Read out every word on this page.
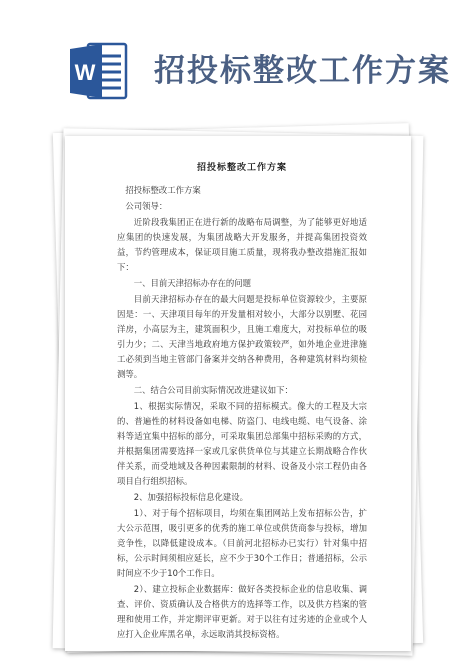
W 招投标整改工作方案
招投标整改工作方案

招投标整改工作方案

公司领导：

近阶段我集团正在进行新的战略布局调整，为了能够更好地适应集团的快速发展，为集团战略大开发服务，并提高集团投资效益，节约管理成本，保证项目施工质量，现将我办整改措施汇报如下：

一、目前天津招标办存在的问题

目前天津招标办存在的最大问题是投标单位资源较少，主要原因是：一、天津项目每年的开发量相对较小，大部分以别墅、花园洋房，小高层为主，建筑面积少，且施工难度大，对投标单位的吸引力少；二、天津当地政府地方保护政策较严，如外地企业进津施工必须到当地主管部门备案并交纳各种费用，各种建筑材料均须检测等。

二、结合公司目前实际情况改进建议如下：

1、根据实际情况，采取不同的招标模式。像大的工程及大宗的、普遍性的材料设备如电梯、防盗门、电线电缆、电气设备、涂料等适宜集中招标的部分，可采取集团总部集中招标采购的方式，并根据集团需要选择一家或几家供货单位与其建立长期战略合作伙伴关系，而受地域及各种因素限制的材料、设备及小宗工程仍由各项目自行组织招标。

2、加强招标投标信息化建设。

1）、对于每个招标项目，均须在集团网站上发布招标公告，扩大公示范围，吸引更多的优秀的施工单位或供货商参与投标，增加竞争性，以降低建设成本。（目前河北招标办已实行）针对集中招标，公示时间须相应延长，应不少于30个工作日；普通招标，公示时间应不少于10个工作日。

2）、建立投标企业数据库：做好各类投标企业的信息收集、调查、评价、资质确认及合格供方的选择等工作，以及供方档案的管理和使用工作，并定期评审更新。对于以往有过劣迹的企业或个人应打入企业库黑名单，永远取消其投标资格。
